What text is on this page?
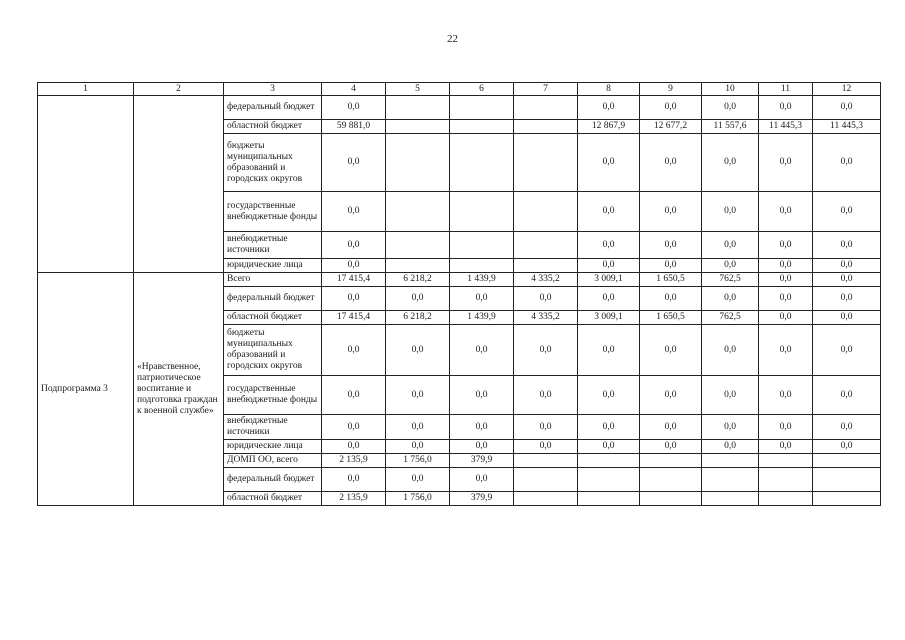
22
1	2	3	4	5	6	7	8	9	10	11	12
		федеральный бюджет	0,0				0,0	0,0	0,0	0,0	0,0
		областной бюджет	59 881,0				12 867,9	12 677,2	11 557,6	11 445,3	11 445,3
		бюджеты муниципальных образований и городских округов	0,0				0,0	0,0	0,0	0,0	0,0
		государственные внебюджетные фонды	0,0				0,0	0,0	0,0	0,0	0,0
		внебюджетные источники	0,0				0,0	0,0	0,0	0,0	0,0
		юридические лица	0,0				0,0	0,0	0,0	0,0	0,0
Подпрограмма 3	«Нравственное, патриотическое воспитание и подготовка граждан к военной службе»	Всего	17 415,4	6 218,2	1 439,9	4 335,2	3 009,1	1 650,5	762,5	0,0	0,0
		федеральный бюджет	0,0	0,0	0,0	0,0	0,0	0,0	0,0	0,0	0,0
		областной бюджет	17 415,4	6 218,2	1 439,9	4 335,2	3 009,1	1 650,5	762,5	0,0	0,0
		бюджеты муниципальных образований и городских округов	0,0	0,0	0,0	0,0	0,0	0,0	0,0	0,0	0,0
		государственные внебюджетные фонды	0,0	0,0	0,0	0,0	0,0	0,0	0,0	0,0	0,0
		внебюджетные источники	0,0	0,0	0,0	0,0	0,0	0,0	0,0	0,0	0,0
		юридические лица	0,0	0,0	0,0	0,0	0,0	0,0	0,0	0,0	0,0
		ДОМП ОО, всего	2 135,9	1 756,0	379,9						
		федеральный бюджет	0,0	0,0	0,0						
		областной бюджет	2 135,9	1 756,0	379,9						
